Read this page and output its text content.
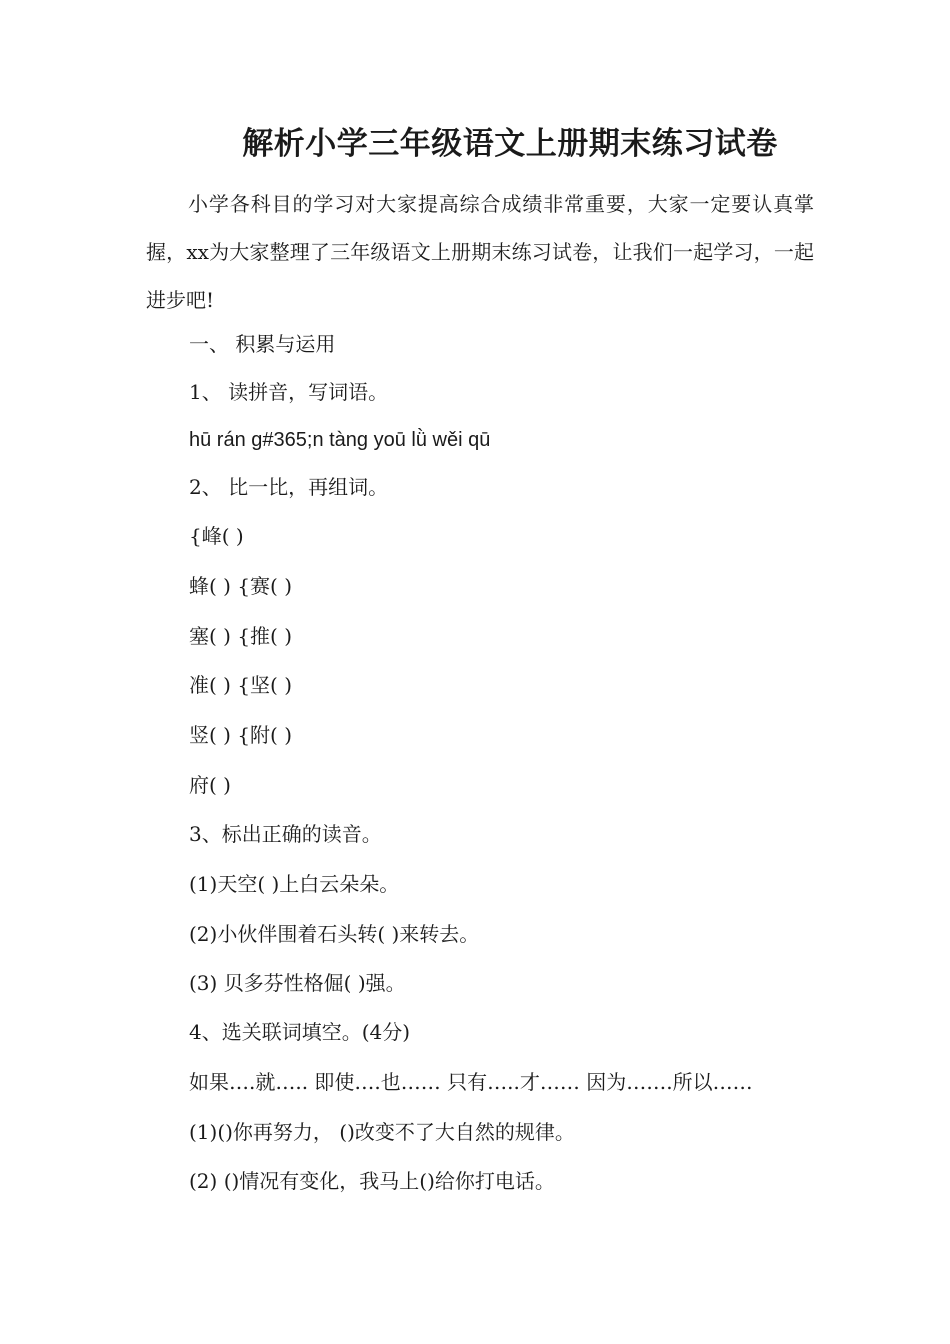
解析小学三年级语文上册期末练习试卷

小学各科目的学习对大家提高综合成绩非常重要，大家一定要认真掌握，xx为大家整理了三年级语文上册期末练习试卷，让我们一起学习，一起进步吧!

一、 积累与运用

1、 读拼音，写词语。

hū rán g#365;n tàng yoū lǜ wěi qū

2、 比一比，再组词。

{峰( )

蜂( ) {赛( )

塞( ) {推( )

准( ) {坚( )

竖( ) {附( )

府( )

3、标出正确的读音。

(1)天空( )上白云朵朵。

(2)小伙伴围着石头转( )来转去。

(3) 贝多芬性格倔( )强。

4、选关联词填空。(4分)

如果….就….. 即使….也…… 只有…..才…… 因为…….所以……

(1)()你再努力， ()改变不了大自然的规律。

(2) ()情况有变化，我马上()给你打电话。
